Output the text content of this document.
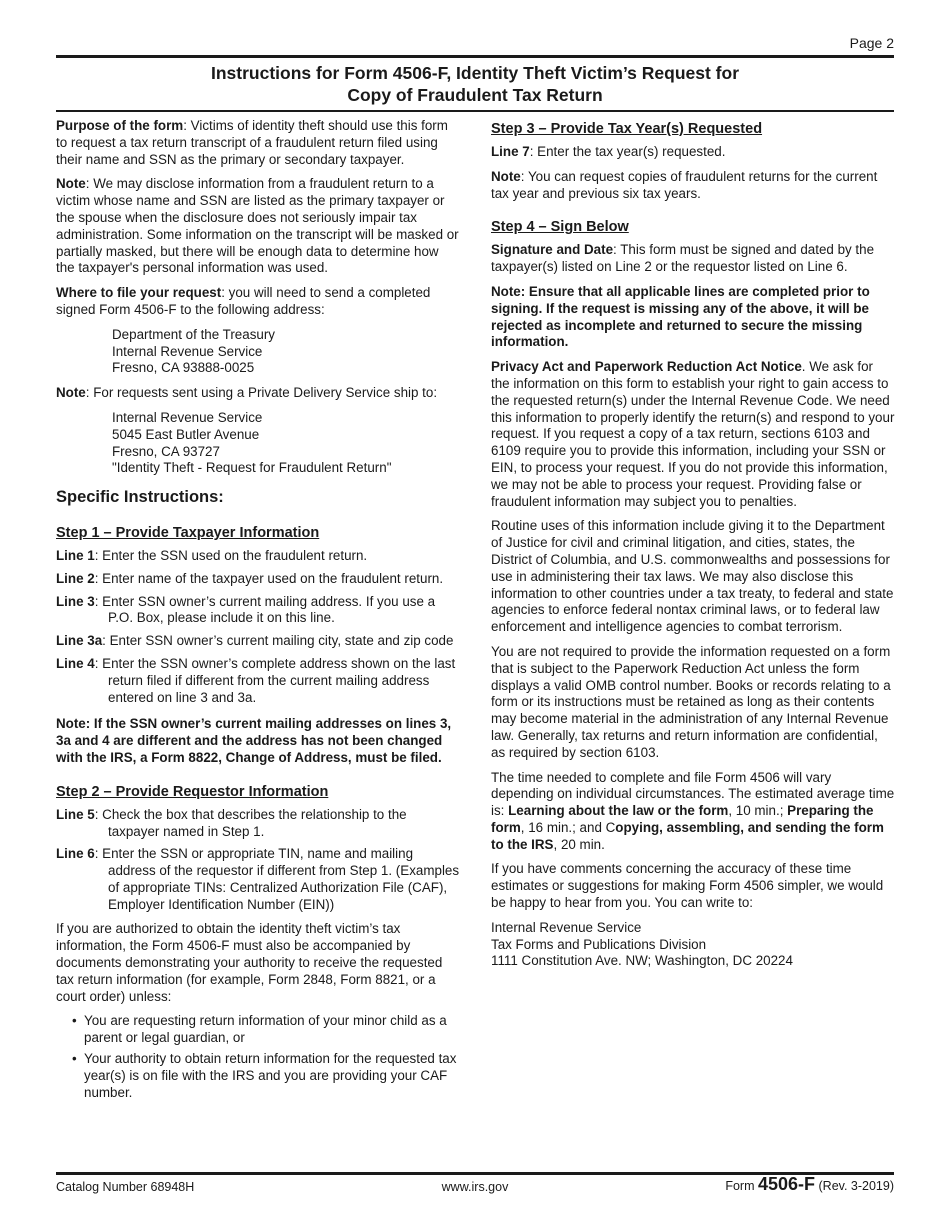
Page 2
Instructions for Form 4506-F, Identity Theft Victim’s Request for
Copy of Fraudulent Tax Return

Purpose of the form: Victims of identity theft should use this form to request a tax return transcript of a fraudulent return filed using their name and SSN as the primary or secondary taxpayer.

Note: We may disclose information from a fraudulent return to a victim whose name and SSN are listed as the primary taxpayer or the spouse when the disclosure does not seriously impair tax administration. Some information on the transcript will be masked or partially masked, but there will be enough data to determine how the taxpayer's personal information was used.

Where to file your request: you will need to send a completed signed Form 4506-F to the following address:

Department of the Treasury
Internal Revenue Service
Fresno, CA 93888-0025

Note: For requests sent using a Private Delivery Service ship to:

Internal Revenue Service
5045 East Butler Avenue
Fresno, CA 93727
"Identity Theft - Request for Fraudulent Return"
Specific Instructions:
Step 1 – Provide Taxpayer Information
Line 1: Enter the SSN used on the fraudulent return.
Line 2: Enter name of the taxpayer used on the fraudulent return.
Line 3: Enter SSN owner’s current mailing address. If you use a P.O. Box, please include it on this line.
Line 3a: Enter SSN owner’s current mailing city, state and zip code
Line 4: Enter the SSN owner’s complete address shown on the last return filed if different from the current mailing address entered on line 3 and 3a.
Note: If the SSN owner’s current mailing addresses on lines 3, 3a and 4 are different and the address has not been changed with the IRS, a Form 8822, Change of Address, must be filed.
Step 2 – Provide Requestor Information
Line 5: Check the box that describes the relationship to the taxpayer named in Step 1.
Line 6: Enter the SSN or appropriate TIN, name and mailing address of the requestor if different from Step 1. (Examples of appropriate TINs: Centralized Authorization File (CAF), Employer Identification Number (EIN))

If you are authorized to obtain the identity theft victim’s tax information, the Form 4506-F must also be accompanied by documents demonstrating your authority to receive the requested tax return information (for example, Form 2848, Form 8821, or a court order) unless:

• You are requesting return information of your minor child as a parent or legal guardian, or
• Your authority to obtain return information for the requested tax year(s) is on file with the IRS and you are providing your CAF number.
Step 3 – Provide Tax Year(s) Requested

Line 7: Enter the tax year(s) requested.

Note: You can request copies of fraudulent returns for the current tax year and previous six tax years.

Step 4 – Sign Below

Signature and Date: This form must be signed and dated by the taxpayer(s) listed on Line 2 or the requestor listed on Line 6.

Note: Ensure that all applicable lines are completed prior to signing. If the request is missing any of the above, it will be rejected as incomplete and returned to secure the missing information.

Privacy Act and Paperwork Reduction Act Notice. We ask for the information on this form to establish your right to gain access to the requested return(s) under the Internal Revenue Code. We need this information to properly identify the return(s) and respond to your request. If you request a copy of a tax return, sections 6103 and 6109 require you to provide this information, including your SSN or EIN, to process your request. If you do not provide this information, we may not be able to process your request. Providing false or fraudulent information may subject you to penalties.

Routine uses of this information include giving it to the Department of Justice for civil and criminal litigation, and cities, states, the District of Columbia, and U.S. commonwealths and possessions for use in administering their tax laws. We may also disclose this information to other countries under a tax treaty, to federal and state agencies to enforce federal nontax criminal laws, or to federal law enforcement and intelligence agencies to combat terrorism.

You are not required to provide the information requested on a form that is subject to the Paperwork Reduction Act unless the form displays a valid OMB control number. Books or records relating to a form or its instructions must be retained as long as their contents may become material in the administration of any Internal Revenue law. Generally, tax returns and return information are confidential, as required by section 6103.

The time needed to complete and file Form 4506 will vary depending on individual circumstances. The estimated average time is: Learning about the law or the form, 10 min.; Preparing the form, 16 min.; and Copying, assembling, and sending the form to the IRS, 20 min.

If you have comments concerning the accuracy of these time estimates or suggestions for making Form 4506 simpler, we would be happy to hear from you. You can write to:

Internal Revenue Service
Tax Forms and Publications Division
1111 Constitution Ave. NW; Washington, DC 20224
Catalog Number 68948H	www.irs.gov	Form 4506-F (Rev. 3-2019)
